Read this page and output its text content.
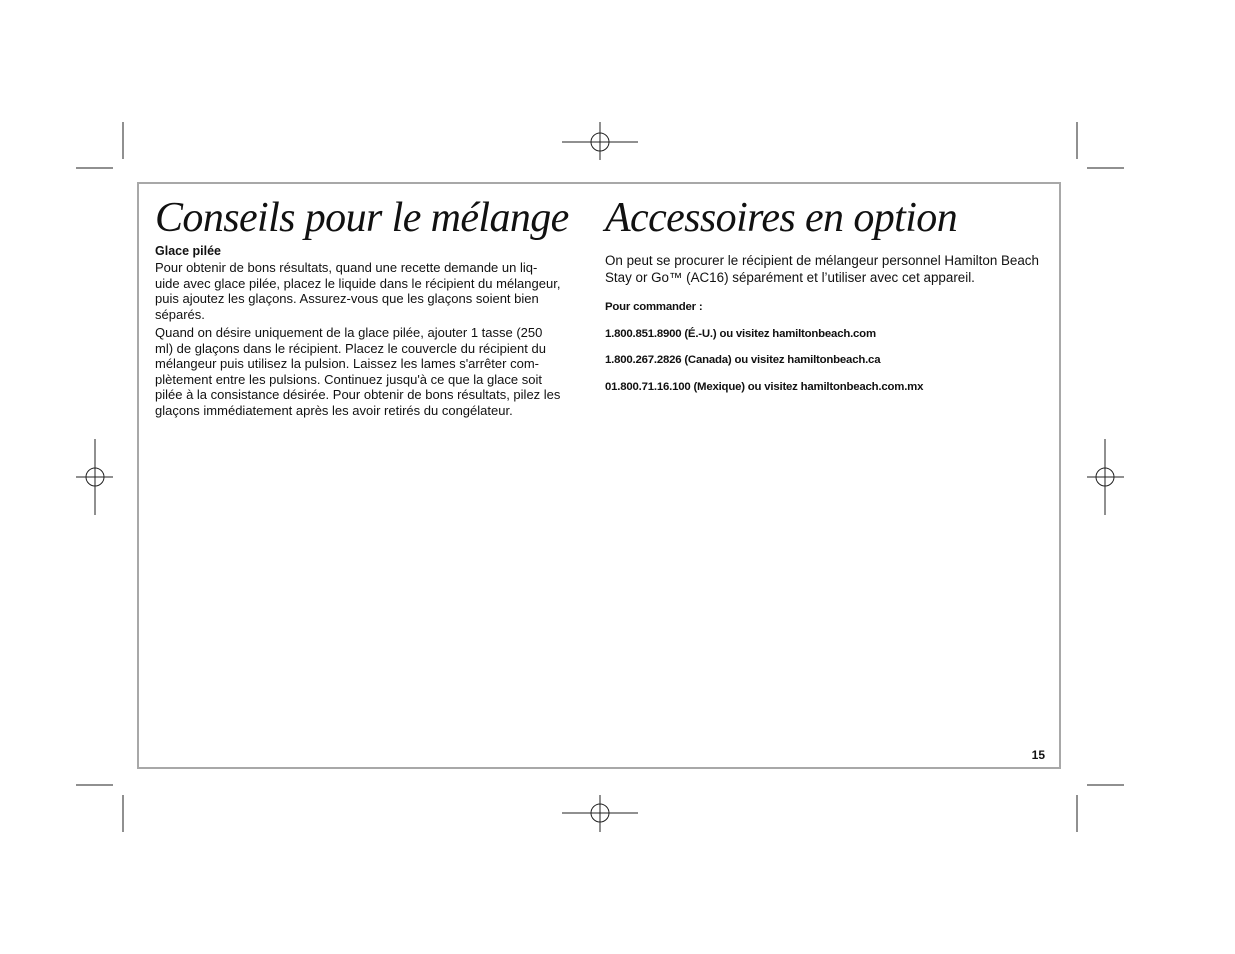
Conseils pour le mélange

Glace pilée

Pour obtenir de bons résultats, quand une recette demande un liq-uide avec glace pilée, placez le liquide dans le récipient du mélangeur, puis ajoutez les glaçons. Assurez-vous que les glaçons soient bien séparés.

Quand on désire uniquement de la glace pilée, ajouter 1 tasse (250 ml) de glaçons dans le récipient. Placez le couvercle du récipient du mélangeur puis utilisez la pulsion. Laissez les lames s'arrêter com-plètement entre les pulsions. Continuez jusqu'à ce que la glace soit pilée à la consistance désirée. Pour obtenir de bons résultats, pilez les glaçons immédiatement après les avoir retirés du congélateur.

Accessoires en option

On peut se procurer le récipient de mélangeur personnel Hamilton Beach Stay or Go™ (AC16) séparément et l’utiliser avec cet appareil.

Pour commander :

1.800.851.8900 (É.-U.) ou visitez hamiltonbeach.com

1.800.267.2826 (Canada) ou visitez hamiltonbeach.ca

01.800.71.16.100 (Mexique) ou visitez hamiltonbeach.com.mx

15
